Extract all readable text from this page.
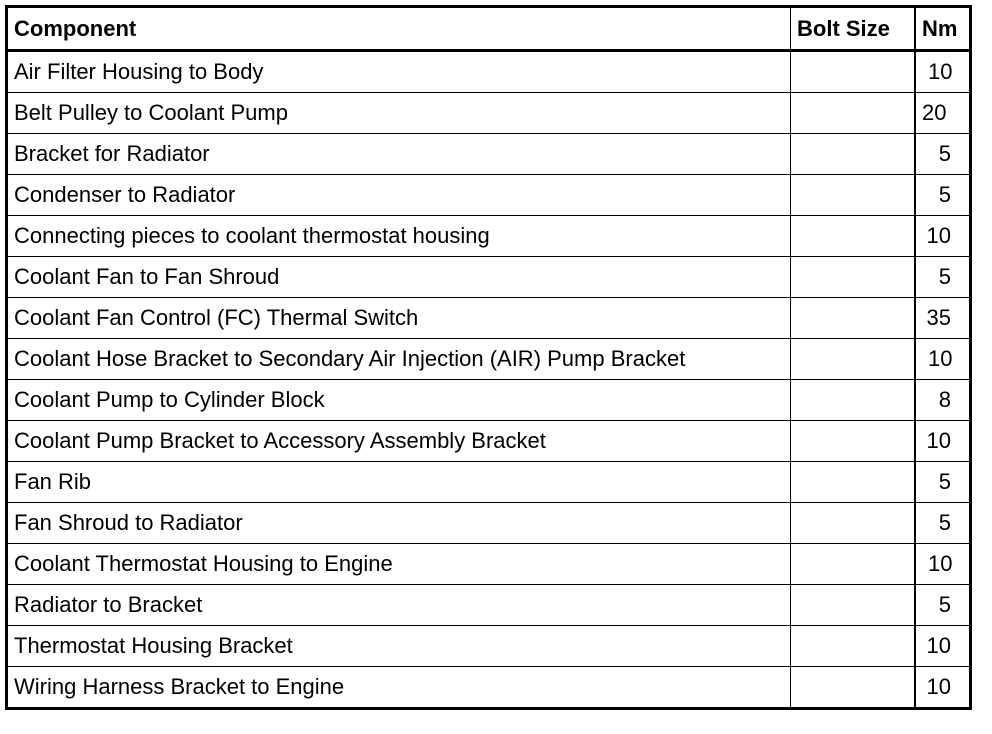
Component	Bolt Size	Nm
Air Filter Housing to Body		10

Belt Pulley to Coolant Pump		20

Bracket for Radiator		5

Condenser to Radiator		5

Connecting pieces to coolant thermostat housing		10

Coolant Fan to Fan Shroud		5

Coolant Fan Control (FC) Thermal Switch		35

Coolant Hose Bracket to Secondary Air Injection (AIR) Pump Bracket		10

Coolant Pump to Cylinder Block		8

Coolant Pump Bracket to Accessory Assembly Bracket		10

Fan Rib		5

Fan Shroud to Radiator		5

Coolant Thermostat Housing to Engine		10

Radiator to Bracket		5

Thermostat Housing Bracket		10

Wiring Harness Bracket to Engine		10
